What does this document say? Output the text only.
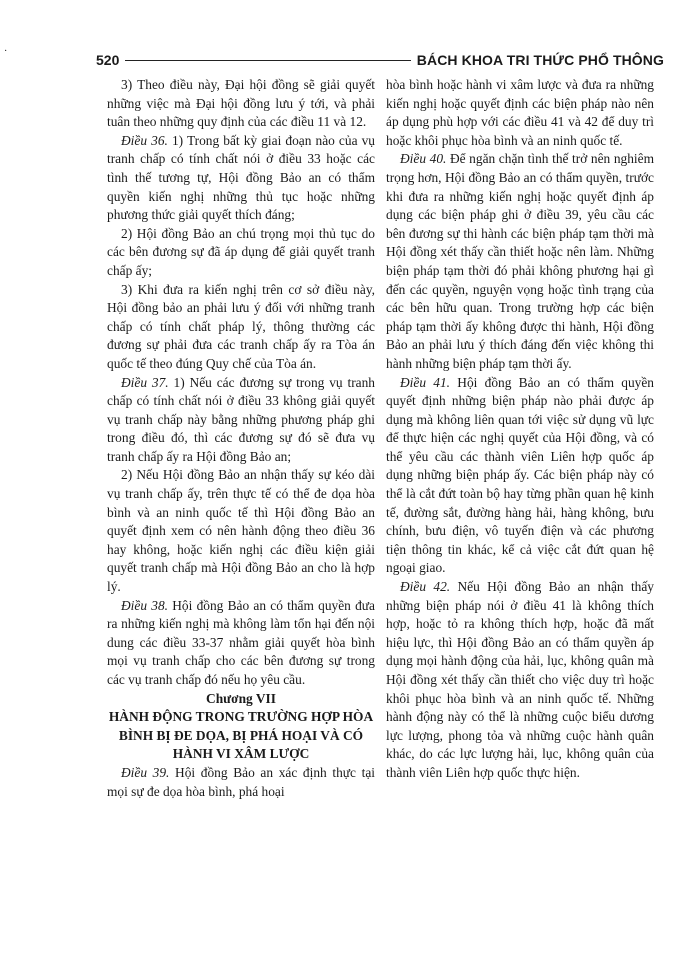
·
520	BÁCH KHOA TRI THỨC PHỔ THÔNG

3) Theo điều này, Đại hội đồng sẽ giải quyết những việc mà Đại hội đồng lưu ý tới, và phải tuân theo những quy định của các điều 11 và 12.

Điều 36. 1) Trong bất kỳ giai đoạn nào của vụ tranh chấp có tính chất nói ở điều 33 hoặc các tình thế tương tự, Hội đồng Bảo an có thẩm quyền kiến nghị những thủ tục hoặc những phương thức giải quyết thích đáng;

2) Hội đồng Bảo an chú trọng mọi thủ tục do các bên đương sự đã áp dụng để giải quyết tranh chấp ấy;

3) Khi đưa ra kiến nghị trên cơ sở điều này, Hội đồng bảo an phải lưu ý đối với những tranh chấp có tính chất pháp lý, thông thường các đương sự phải đưa các tranh chấp ấy ra Tòa án quốc tế theo đúng Quy chế của Tòa án.

Điều 37. 1) Nếu các đương sự trong vụ tranh chấp có tính chất nói ở điều 33 không giải quyết vụ tranh chấp này bằng những phương pháp ghi trong điều đó, thì các đương sự đó sẽ đưa vụ tranh chấp ấy ra Hội đồng Bảo an;

2) Nếu Hội đồng Bảo an nhận thấy sự kéo dài vụ tranh chấp ấy, trên thực tế có thể đe dọa hòa bình và an ninh quốc tế thì Hội đồng Bảo an quyết định xem có nên hành động theo điều 36 hay không, hoặc kiến nghị các điều kiện giải quyết tranh chấp mà Hội đồng Bảo an cho là hợp lý.

Điều 38. Hội đồng Bảo an có thẩm quyền đưa ra những kiến nghị mà không làm tổn hại đến nội dung các điều 33-37 nhằm giải quyết hòa bình mọi vụ tranh chấp cho các bên đương sự trong các vụ tranh chấp đó nếu họ yêu cầu.

Chương VII

HÀNH ĐỘNG TRONG TRƯỜNG HỢP HÒA BÌNH BỊ ĐE DỌA, BỊ PHÁ HOẠI VÀ CÓ HÀNH VI XÂM LƯỢC

Điều 39. Hội đồng Bảo an xác định thực tại mọi sự đe dọa hòa bình, phá hoại

hòa bình hoặc hành vi xâm lược và đưa ra những kiến nghị hoặc quyết định các biện pháp nào nên áp dụng phù hợp với các điều 41 và 42 để duy trì hoặc khôi phục hòa bình và an ninh quốc tế.

Điều 40. Để ngăn chặn tình thế trở nên nghiêm trọng hơn, Hội đồng Bảo an có thẩm quyền, trước khi đưa ra những kiến nghị hoặc quyết định áp dụng các biện pháp ghi ở điều 39, yêu cầu các bên đương sự thi hành các biện pháp tạm thời mà Hội đồng xét thấy cần thiết hoặc nên làm. Những biện pháp tạm thời đó phải không phương hại gì đến các quyền, nguyện vọng hoặc tình trạng của các bên hữu quan. Trong trường hợp các biện pháp tạm thời ấy không được thi hành, Hội đồng Bảo an phải lưu ý thích đáng đến việc không thi hành những biện pháp tạm thời ấy.

Điều 41. Hội đồng Bảo an có thẩm quyền quyết định những biện pháp nào phải được áp dụng mà không liên quan tới việc sử dụng vũ lực để thực hiện các nghị quyết của Hội đồng, và có thể yêu cầu các thành viên Liên hợp quốc áp dụng những biện pháp ấy. Các biện pháp này có thể là cắt đứt toàn bộ hay từng phần quan hệ kinh tế, đường sắt, đường hàng hải, hàng không, bưu chính, bưu điện, vô tuyến điện và các phương tiện thông tin khác, kể cả việc cắt đứt quan hệ ngoại giao.

Điều 42. Nếu Hội đồng Bảo an nhận thấy những biện pháp nói ở điều 41 là không thích hợp, hoặc tỏ ra không thích hợp, hoặc đã mất hiệu lực, thì Hội đồng Bảo an có thẩm quyền áp dụng mọi hành động của hải, lục, không quân mà Hội đồng xét thấy cần thiết cho việc duy trì hoặc khôi phục hòa bình và an ninh quốc tế. Những hành động này có thể là những cuộc biểu dương lực lượng, phong tỏa và những cuộc hành quân khác, do các lực lượng hải, lục, không quân của thành viên Liên hợp quốc thực hiện.
